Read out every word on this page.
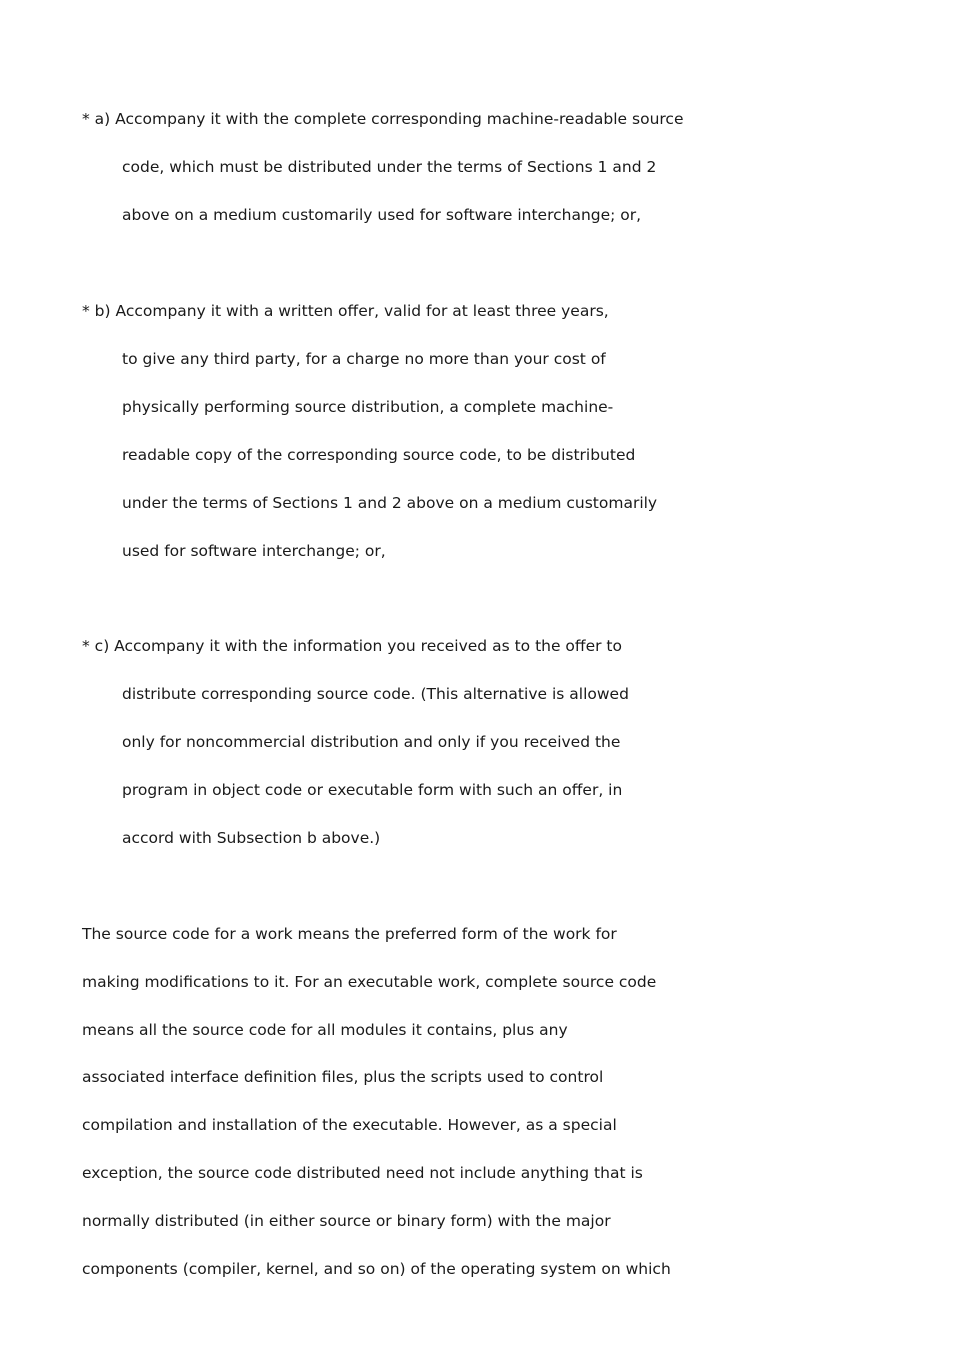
* a) Accompany it with the complete corresponding machine-readable source
code, which must be distributed under the terms of Sections 1 and 2
above on a medium customarily used for software interchange; or,
* b) Accompany it with a written offer, valid for at least three years,
to give any third party, for a charge no more than your cost of
physically performing source distribution, a complete machine-
readable copy of the corresponding source code, to be distributed
under the terms of Sections 1 and 2 above on a medium customarily
used for software interchange; or,
* c) Accompany it with the information you received as to the offer to
distribute corresponding source code. (This alternative is allowed
only for noncommercial distribution and only if you received the
program in object code or executable form with such an offer, in
accord with Subsection b above.)
The source code for a work means the preferred form of the work for
making modifications to it. For an executable work, complete source code
means all the source code for all modules it contains, plus any
associated interface definition files, plus the scripts used to control
compilation and installation of the executable. However, as a special
exception, the source code distributed need not include anything that is
normally distributed (in either source or binary form) with the major
components (compiler, kernel, and so on) of the operating system on which
